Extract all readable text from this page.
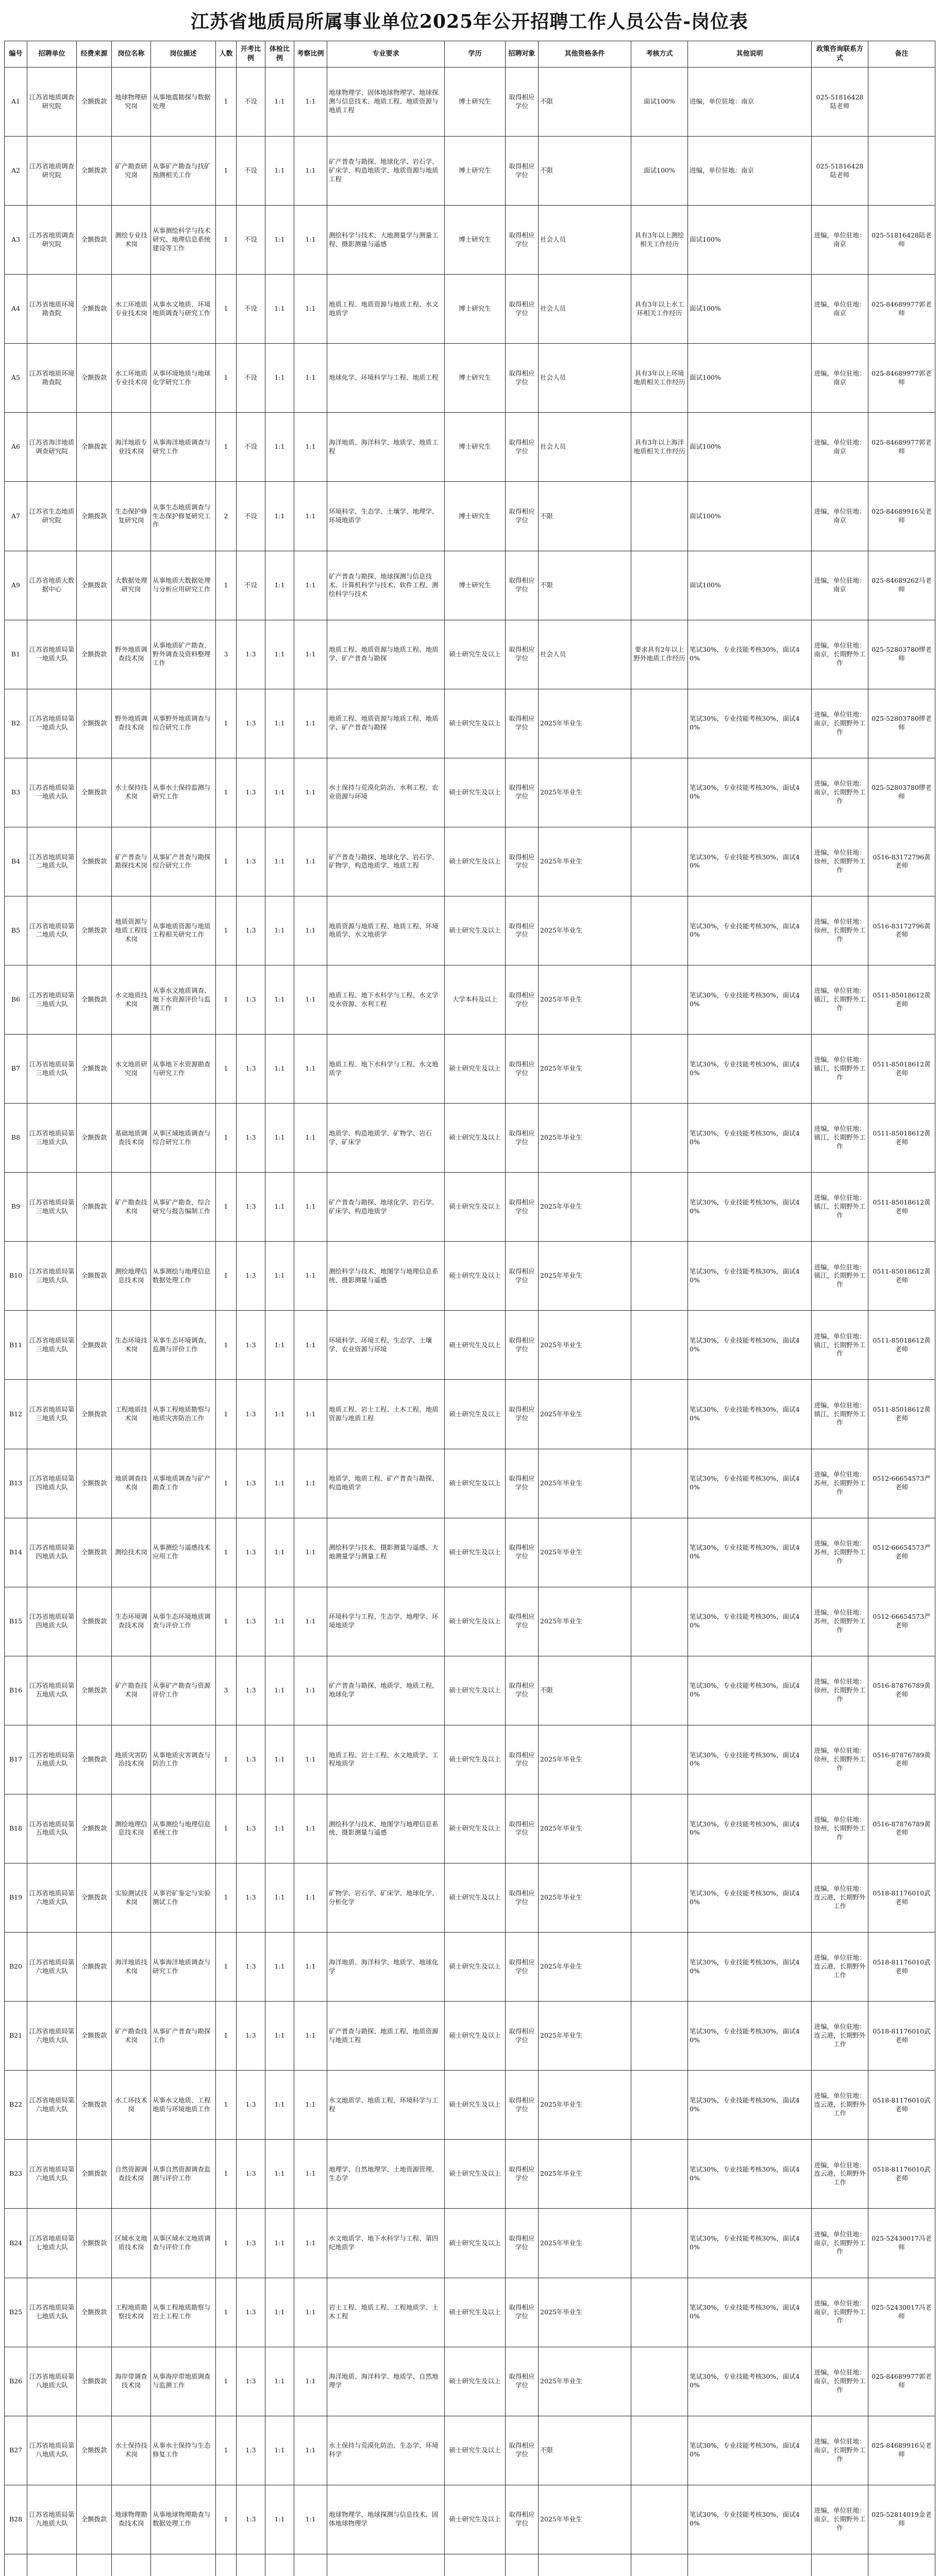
江苏省地质局所属事业单位2025年公开招聘工作人员公告-岗位表
编号	招聘单位	经费来源	岗位名称	岗位描述	人数	开考比例	体检比例	考察比例	专业要求	学历	招聘对象	其他资格条件	考核方式	其他说明	政策咨询联系方式	备注	
A1	江苏省地质调查研究院	全额拨款	地球物理研究岗	从事地震勘探与数据处理	1	不设	1:1	1:1	地球物理学、固体地球物理学、地球探测与信息技术、地质工程、地质资源与地质工程	博士研究生	取得相应学位	不限	面试100%	进编，单位驻地：南京	025-51816428陆老师		
A2	江苏省地质调查研究院	全额拨款	矿产勘查研究岗	从事矿产勘查与找矿预测相关工作	1	不设	1:1	1:1	矿产普查与勘探、地球化学、岩石学、矿床学、构造地质学、地质资源与地质工程	博士研究生	取得相应学位	不限	面试100%	进编，单位驻地：南京	025-51816428陆老师		
A3	江苏省地质调查研究院	全额拨款	测绘专业技术岗	从事测绘科学与技术研究、地理信息系统建设等工作	1	不设	1:1	1:1	测绘科学与技术、大地测量学与测量工程、摄影测量与遥感	博士研究生	取得相应学位	社会人员	具有3年以上测绘相关工作经历	面试100%	进编，单位驻地：南京	025-51816428陆老师	
A4	江苏省地质环境勘查院	全额拨款	水工环地质专业技术岗	从事水文地质、环境地质调查与研究工作	1	不设	1:1	1:1	地质工程、地质资源与地质工程、水文地质学	博士研究生	取得相应学位	社会人员	具有3年以上水工环相关工作经历	面试100%	进编，单位驻地：南京	025-84689977郭老师	
A5	江苏省地质环境勘查院	全额拨款	水工环地质专业技术岗	从事环境地质与地球化学研究工作	1	不设	1:1	1:1	地球化学、环境科学与工程、地质工程	博士研究生	取得相应学位	社会人员	具有3年以上环境地质相关工作经历	面试100%	进编，单位驻地：南京	025-84689977郭老师	
A6	江苏省海洋地质调查研究院	全额拨款	海洋地质专业技术岗	从事海洋地质调查与研究工作	1	不设	1:1	1:1	海洋地质、海洋科学、地质学、地质工程	博士研究生	取得相应学位	社会人员	具有3年以上海洋地质相关工作经历	面试100%	进编，单位驻地：南京	025-84689977郭老师	
A7	江苏省生态地质研究院	全额拨款	生态保护修复研究岗	从事生态地质调查与生态保护修复研究工作	2	不设	1:1	1:1	环境科学、生态学、土壤学、地理学、环境地质学	博士研究生	取得相应学位	不限		面试100%	进编，单位驻地：南京	025-84689916吴老师	
A9	江苏省地质大数据中心	全额拨款	大数据处理研究岗	从事地质大数据处理与分析应用研究工作	1	不设	1:1	1:1	矿产普查与勘探、地球探测与信息技术、计算机科学与技术、软件工程、测绘科学与技术	博士研究生	取得相应学位	不限		面试100%	进编，单位驻地：南京	025-84689262马老师	
B1	江苏省地质局第一地质大队	全额拨款	野外地质调查技术岗	从事地质矿产勘查、野外调查及资料整理工作	3	1:3	1:1	1:1	地质工程、地质资源与地质工程、地质学、矿产普查与勘探	硕士研究生及以上	取得相应学位	社会人员	要求具有2年以上野外地质工作经历	笔试30%，专业技能考核30%，面试40%	进编，单位驻地：南京，长期野外工作	025-52803780缪老师	
B2	江苏省地质局第一地质大队	全额拨款	野外地质调查技术岗	从事野外地质调查与综合研究工作	1	1:3	1:1	1:1	地质工程、地质资源与地质工程、地质学、矿产普查与勘探	硕士研究生及以上	取得相应学位	2025年毕业生		笔试30%，专业技能考核30%，面试40%	进编，单位驻地：南京，长期野外工作	025-52803780缪老师	
B3	江苏省地质局第一地质大队	全额拨款	水土保持技术岗	从事水土保持监测与研究工作	1	1:3	1:1	1:1	水土保持与荒漠化防治、水利工程、农业资源与环境	硕士研究生及以上	取得相应学位	2025年毕业生		笔试30%，专业技能考核30%，面试40%	进编，单位驻地：南京，长期野外工作	025-52803780缪老师	
B4	江苏省地质局第二地质大队	全额拨款	矿产普查与勘探技术岗	从事矿产普查与勘探综合研究工作	1	1:3	1:1	1:1	矿产普查与勘探、地球化学、岩石学、矿物学、构造地质学、地质工程	硕士研究生及以上	取得相应学位	2025年毕业生		笔试30%，专业技能考核30%，面试40%	进编，单位驻地：徐州，长期野外工作	0516-83172796黄老师	
B5	江苏省地质局第二地质大队	全额拨款	地质资源与地质工程技术岗	从事地质资源与地质工程相关研究工作	1	1:3	1:1	1:1	地质资源与地质工程、地质工程、环境地质学、水文地质学	硕士研究生及以上	取得相应学位	2025年毕业生		笔试30%，专业技能考核30%，面试40%	进编，单位驻地：徐州，长期野外工作	0516-83172796黄老师	
B6	江苏省地质局第三地质大队	全额拨款	水文地质技术岗	从事水文地质调查、地下水资源评价与监测工作	1	1:3	1:1	1:1	地质工程、地下水科学与工程、水文学及水资源、水利工程	大学本科及以上	取得相应学位	2025年毕业生		笔试30%，专业技能考核30%，面试40%	进编，单位驻地：镇江，长期野外工作	0511-85018612黄老师	
B7	江苏省地质局第三地质大队	全额拨款	水文地质研究岗	从事地下水资源勘查与研究工作	1	1:3	1:1	1:1	地质工程、地下水科学与工程、水文地质学	硕士研究生及以上	取得相应学位	2025年毕业生		笔试30%，专业技能考核30%，面试40%	进编，单位驻地：镇江，长期野外工作	0511-85018612黄老师	
B8	江苏省地质局第三地质大队	全额拨款	基础地质调查技术岗	从事区域地质调查与综合研究工作	1	1:3	1:1	1:1	地质学、构造地质学、矿物学、岩石学、矿床学	硕士研究生及以上	取得相应学位	2025年毕业生		笔试30%，专业技能考核30%，面试40%	进编，单位驻地：镇江，长期野外工作	0511-85018612黄老师	
B9	江苏省地质局第三地质大队	全额拨款	矿产勘查技术岗	从事矿产勘查、综合研究与报告编制工作	1	1:3	1:1	1:1	矿产普查与勘探、地球化学、岩石学、矿床学、构造地质学	硕士研究生及以上	取得相应学位	2025年毕业生		笔试30%，专业技能考核30%，面试40%	进编，单位驻地：镇江，长期野外工作	0511-85018612黄老师	
B10	江苏省地质局第三地质大队	全额拨款	测绘地理信息技术岗	从事测绘与地理信息数据处理工作	1	1:3	1:1	1:1	测绘科学与技术、地图学与地理信息系统、摄影测量与遥感	硕士研究生及以上	取得相应学位	2025年毕业生		笔试30%，专业技能考核30%，面试40%	进编，单位驻地：镇江，长期野外工作	0511-85018612黄老师	
B11	江苏省地质局第三地质大队	全额拨款	生态环境技术岗	从事生态环境调查、监测与评价工作	1	1:3	1:1	1:1	环境科学、环境工程、生态学、土壤学、农业资源与环境	硕士研究生及以上	取得相应学位	2025年毕业生		笔试30%，专业技能考核30%，面试40%	进编，单位驻地：镇江，长期野外工作	0511-85018612黄老师	
B12	江苏省地质局第三地质大队	全额拨款	工程地质技术岗	从事工程地质勘察与地质灾害防治工作	1	1:3	1:1	1:1	地质工程、岩土工程、土木工程、地质资源与地质工程	硕士研究生及以上	取得相应学位	2025年毕业生		笔试30%，专业技能考核30%，面试40%	进编，单位驻地：镇江，长期野外工作	0511-85018612黄老师	
B13	江苏省地质局第四地质大队	全额拨款	地质调查技术岗	从事地质调查与矿产勘查工作	1	1:3	1:1	1:1	地质学、地质工程、矿产普查与勘探、构造地质学	硕士研究生及以上	取得相应学位	2025年毕业生		笔试30%，专业技能考核30%，面试40%	进编，单位驻地：苏州，长期野外工作	0512-66654573严老师	
B14	江苏省地质局第四地质大队	全额拨款	测绘技术岗	从事测绘与遥感技术应用工作	1	1:3	1:1	1:1	测绘科学与技术、摄影测量与遥感、大地测量学与测量工程	硕士研究生及以上	取得相应学位	2025年毕业生		笔试30%，专业技能考核30%，面试40%	进编，单位驻地：苏州，长期野外工作	0512-66654573严老师	
B15	江苏省地质局第四地质大队	全额拨款	生态环境调查技术岗	从事生态环境地质调查与评价工作	1	1:3	1:1	1:1	环境科学与工程、生态学、地理学、环境地质学	硕士研究生及以上	取得相应学位	2025年毕业生		笔试30%，专业技能考核30%，面试40%	进编，单位驻地：苏州，长期野外工作	0512-66654573严老师	
B16	江苏省地质局第五地质大队	全额拨款	矿产勘查技术岗	从事矿产勘查与资源评价工作	3	1:3	1:1	1:1	矿产普查与勘探、地质学、地质工程、地球化学	硕士研究生及以上	取得相应学位	不限		笔试30%，专业技能考核30%，面试40%	进编，单位驻地：徐州，长期野外工作	0516-87876789黄老师	
B17	江苏省地质局第五地质大队	全额拨款	地质灾害防治技术岗	从事地质灾害调查与防治工作	1	1:3	1:1	1:1	地质工程、岩土工程、水文地质学、工程地质学	硕士研究生及以上	取得相应学位	2025年毕业生		笔试30%，专业技能考核30%，面试40%	进编，单位驻地：徐州，长期野外工作	0516-87876789黄老师	
B18	江苏省地质局第五地质大队	全额拨款	测绘地理信息技术岗	从事测绘与地理信息系统工作	1	1:3	1:1	1:1	测绘科学与技术、地图学与地理信息系统、摄影测量与遥感	硕士研究生及以上	取得相应学位	2025年毕业生		笔试30%，专业技能考核30%，面试40%	进编，单位驻地：徐州，长期野外工作	0516-87876789黄老师	
B19	江苏省地质局第六地质大队	全额拨款	实验测试技术岗	从事岩矿鉴定与实验测试工作	1	1:3	1:1	1:1	矿物学、岩石学、矿床学、地球化学、分析化学	硕士研究生及以上	取得相应学位	2025年毕业生		笔试30%，专业技能考核30%，面试40%	进编，单位驻地：连云港，长期野外工作	0518-81176010武老师	
B20	江苏省地质局第六地质大队	全额拨款	海洋地质技术岗	从事海洋地质调查与研究工作	1	1:3	1:1	1:1	海洋地质、海洋科学、地质学、地球化学	硕士研究生及以上	取得相应学位	2025年毕业生		笔试30%，专业技能考核30%，面试40%	进编，单位驻地：连云港，长期野外工作	0518-81176010武老师	
B21	江苏省地质局第六地质大队	全额拨款	矿产勘查技术岗	从事矿产普查与勘探工作	1	1:3	1:1	1:1	矿产普查与勘探、地质工程、地质资源与地质工程	硕士研究生及以上	取得相应学位	2025年毕业生		笔试30%，专业技能考核30%，面试40%	进编，单位驻地：连云港，长期野外工作	0518-81176010武老师	
B22	江苏省地质局第六地质大队	全额拨款	水工环技术岗	从事水文地质、工程地质与环境地质工作	1	1:3	1:1	1:1	水文地质学、地质工程、环境科学与工程	硕士研究生及以上	取得相应学位	2025年毕业生		笔试30%，专业技能考核30%，面试40%	进编，单位驻地：连云港，长期野外工作	0518-81176010武老师	
B23	江苏省地质局第六地质大队	全额拨款	自然资源调查技术岗	从事自然资源调查监测与评价工作	1	1:3	1:1	1:1	地理学、自然地理学、土地资源管理、生态学	硕士研究生及以上	取得相应学位	2025年毕业生		笔试30%，专业技能考核30%，面试40%	进编，单位驻地：连云港，长期野外工作	0518-81176010武老师	
B24	江苏省地质局第七地质大队	全额拨款	区域水文地质技术岗	从事区域水文地质调查与评价工作	1	1:3	1:1	1:1	水文地质学、地下水科学与工程、第四纪地质学	硕士研究生及以上	取得相应学位	2025年毕业生		笔试30%，专业技能考核30%，面试40%	进编，单位驻地：南京，长期野外工作	025-52430017冯老师	
B25	江苏省地质局第七地质大队	全额拨款	工程地质勘察技术岗	从事工程地质勘察与岩土工程工作	1	1:3	1:1	1:1	岩土工程、地质工程、工程地质学、土木工程	硕士研究生及以上	取得相应学位	2025年毕业生		笔试30%，专业技能考核30%，面试40%	进编，单位驻地：南京，长期野外工作	025-52430017冯老师	
B26	江苏省地质局第八地质大队	全额拨款	海岸带调查技术岗	从事海岸带地质调查与监测工作	1	1:3	1:1	1:1	海洋地质、海洋科学、地质学、自然地理学	硕士研究生及以上	取得相应学位	2025年毕业生		笔试30%，专业技能考核30%，面试40%	进编，单位驻地：南京，长期野外工作	025-84689977郭老师	
B27	江苏省地质局第八地质大队	全额拨款	水土保持技术岗	从事水土保持与生态修复工作	1	1:3	1:1	1:1	水土保持与荒漠化防治、生态学、环境科学	硕士研究生及以上	取得相应学位	不限		笔试30%，专业技能考核30%，面试40%	进编，单位驻地：南京，长期野外工作	025-84689916吴老师	
B28	江苏省地质局第九地质大队	全额拨款	地球物理勘查技术岗	从事地球物理勘查与数据处理工作	1	1:3	1:1	1:1	地球物理学、地球探测与信息技术、固体地球物理学	硕士研究生及以上	取得相应学位	2025年毕业生		笔试30%，专业技能考核30%，面试40%	进编，单位驻地：南京，长期野外工作	025-52814019金老师	
